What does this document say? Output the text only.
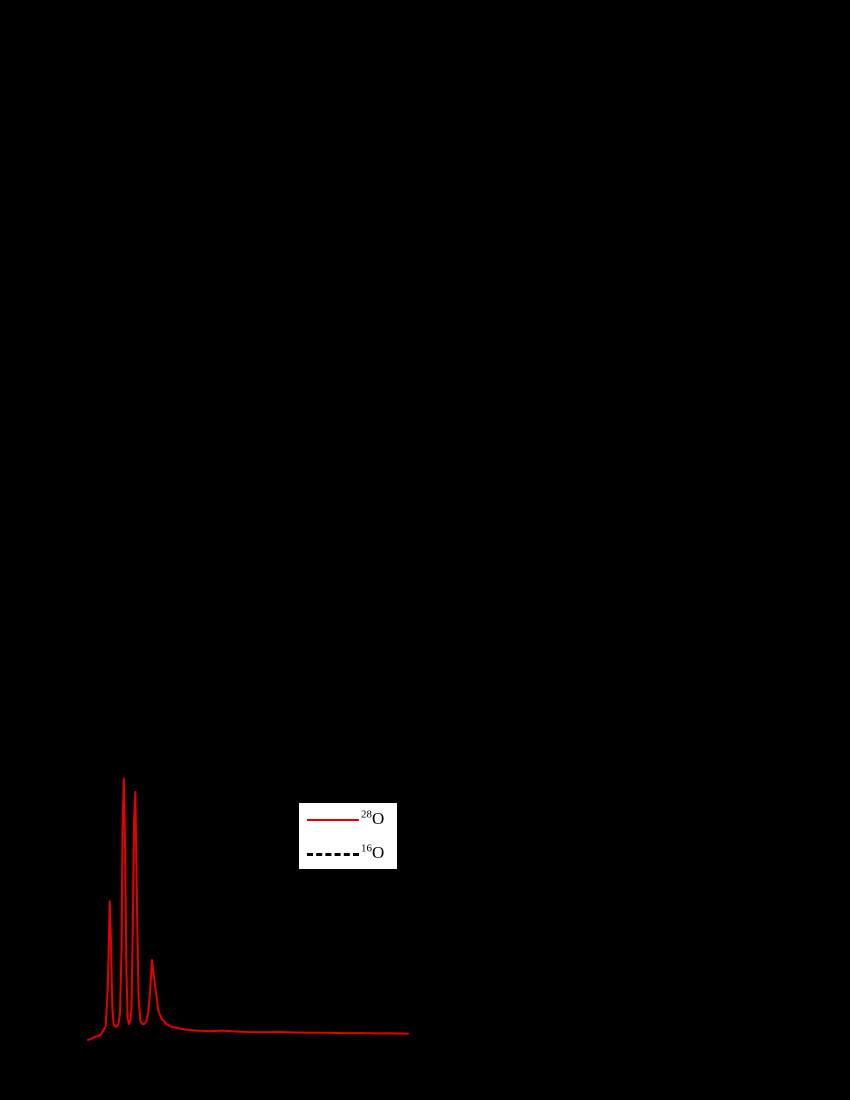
$^{28}$O
$^{16}$O
